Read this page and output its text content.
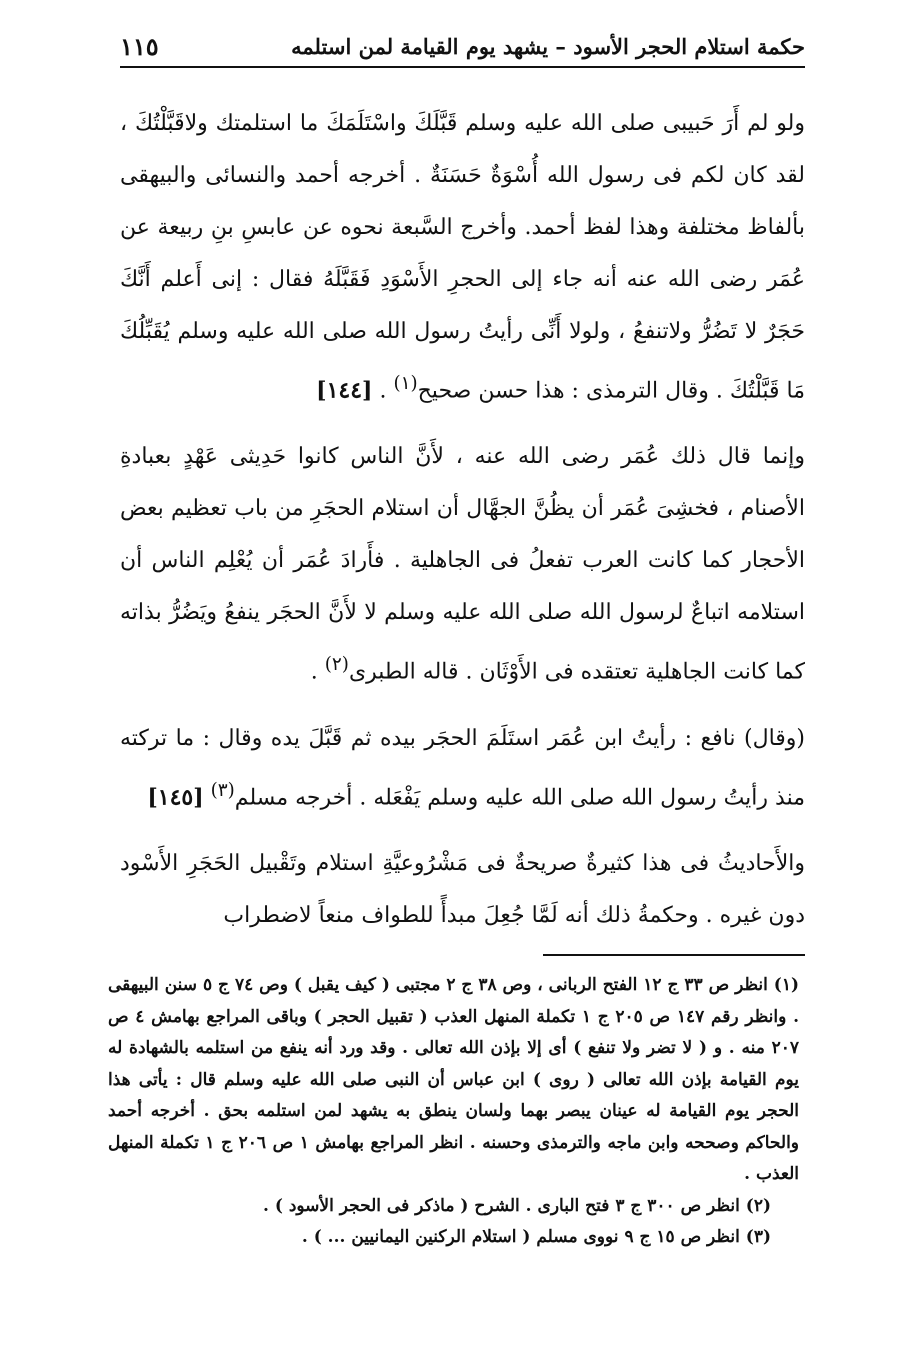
حكمة استلام الحجر الأسود – يشهد يوم القيامة لمن استلمه
١١٥

ولو لم أَرَ حَبيبى صلى الله عليه وسلم قَبَّلَكَ واسْتَلَمَكَ ما استلمتك ولاقَبَّلْتُكَ ، لقد كان لكم فى رسول الله أُسْوَةٌ حَسَنَةٌ . أخرجه أحمد والنسائى والبيهقى بألفاظ مختلفة وهذا لفظ أحمد. وأخرج السَّبعة نحوه عن عابسِ بنِ ربيعة عن عُمَر رضى الله عنه أنه جاء إلى الحجرِ الأَسْوَدِ فَقَبَّلَهُ فقال : إنى أَعلم أَنَّكَ حَجَرٌ لا تَضُرُّ ولاتنفعُ ، ولولا أَنِّى رأيتُ رسول الله صلى الله عليه وسلم يُقَبِّلُكَ مَا قَبَّلْتُكَ . وقال الترمذى : هذا حسن صحيح$^{(١)}$ . [١٤٤]

وإنما قال ذلك عُمَر رضى الله عنه ، لأَنَّ الناس كانوا حَدِيثى عَهْدٍ بعبادةِ الأصنام ، فخشِىَ عُمَر أن يظُنَّ الجهَّال أن استلام الحجَرِ من باب تعظيم بعض الأحجار كما كانت العرب تفعلُ فى الجاهلية . فأَرادَ عُمَر أن يُعْلِم الناس أن استلامه اتباعٌ لرسول الله صلى الله عليه وسلم لا لأَنَّ الحجَر ينفعُ ويَضُرُّ بذاته كما كانت الجاهلية تعتقده فى الأَوْثَان . قاله الطبرى$^{(٢)}$ .

(وقال) نافع : رأيتُ ابن عُمَر استَلَمَ الحجَر بيده ثم قَبَّلَ يده وقال : ما تركته منذ رأيتُ رسول الله صلى الله عليه وسلم يَفْعَله . أخرجه مسلم$^{(٣)}$ [١٤٥]

والأَحاديثُ فى هذا كثيرةٌ صريحةٌ فى مَشْرُوعيَّةِ استلام وتَقْبيل الحَجَرِ الأَسْود دون غيره . وحكمةُ ذلك أنه لَمَّا جُعِلَ مبدأً للطواف منعاً لاضطراب

(١) انظر ص ٣٣ ج ١٢ الفتح الربانى ، وص ٣٨ ج ٢ مجتبى ( كيف يقبل ) وص ٧٤ ج ٥ سنن البيهقى . وانظر رقم ١٤٧ ص ٢٠٥ ج ١ تكملة المنهل العذب ( تقبيل الحجر ) وباقى المراجع بهامش ٤ ص ٢٠٧ منه . و ( لا تضر ولا تنفع ) أى إلا بإذن الله تعالى . وقد ورد أنه ينفع من استلمه بالشهادة له يوم القيامة بإذن الله تعالى ( روى ) ابن عباس أن النبى صلى الله عليه وسلم قال : يأتى هذا الحجر يوم القيامة له عينان يبصر بهما ولسان ينطق به يشهد لمن استلمه بحق . أخرجه أحمد والحاكم وصححه وابن ماجه والترمذى وحسنه . انظر المراجع بهامش ١ ص ٢٠٦ ج ١ تكملة المنهل العذب .

(٢) انظر ص ٣٠٠ ج ٣ فتح البارى . الشرح ( ماذكر فى الحجر الأسود ) .

(٣) انظر ص ١٥ ج ٩ نووى مسلم ( استلام الركنين اليمانيين ... ) .
